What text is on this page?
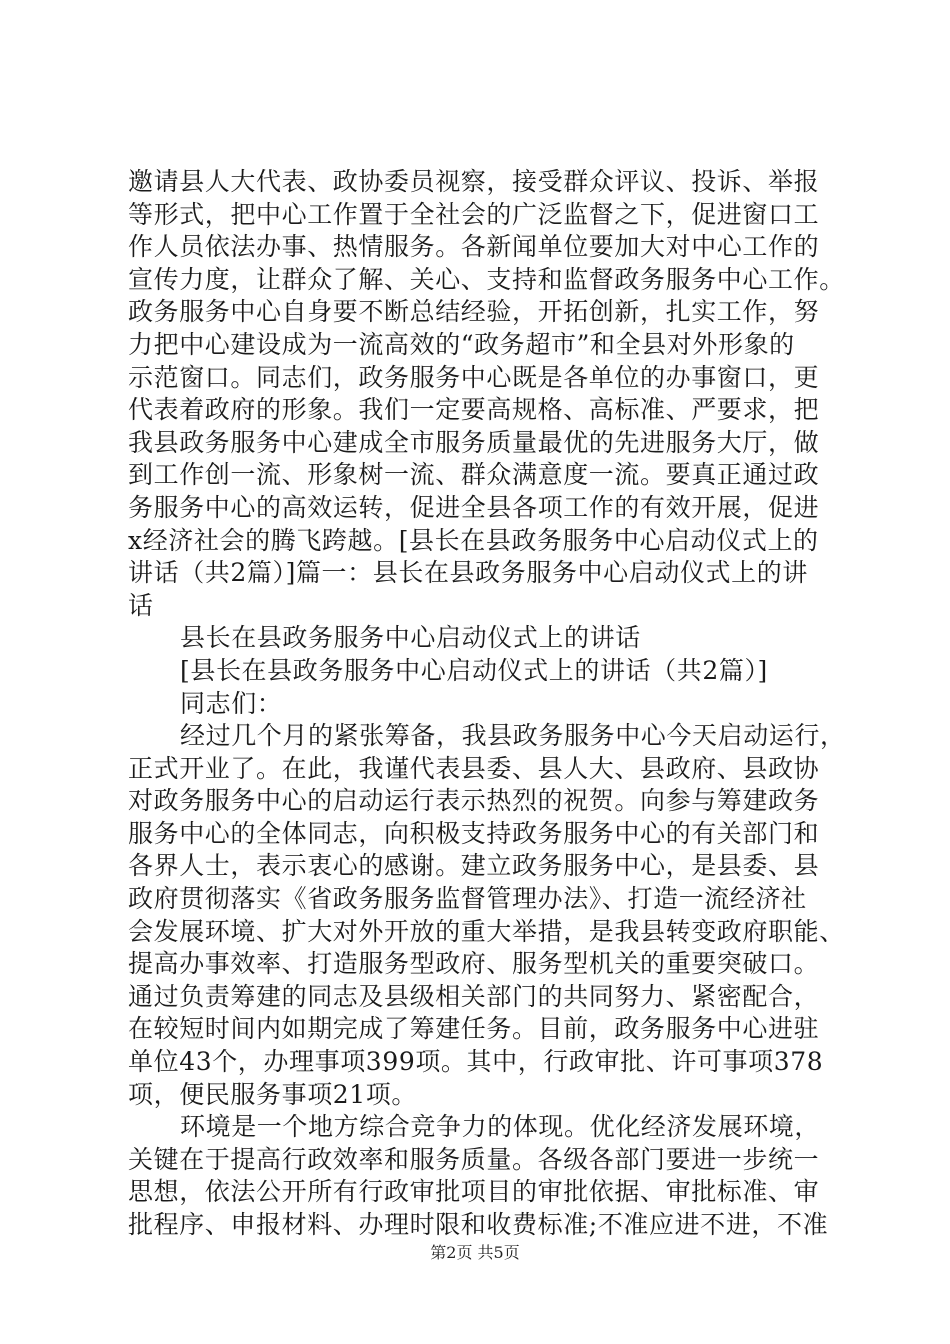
邀请县人大代表、政协委员视察，接受群众评议、投诉、举报
等形式，把中心工作置于全社会的广泛监督之下，促进窗口工
作人员依法办事、热情服务。各新闻单位要加大对中心工作的
宣传力度，让群众了解、关心、支持和监督政务服务中心工作。
政务服务中心自身要不断总结经验，开拓创新，扎实工作，努
力把中心建设成为一流高效的“政务超市”和全县对外形象的
示范窗口。同志们，政务服务中心既是各单位的办事窗口，更
代表着政府的形象。我们一定要高规格、高标准、严要求，把
我县政务服务中心建成全市服务质量最优的先进服务大厅，做
到工作创一流、形象树一流、群众满意度一流。要真正通过政
务服务中心的高效运转，促进全县各项工作的有效开展，促进
x经济社会的腾飞跨越。[县长在县政务服务中心启动仪式上的
讲话（共2篇）]篇一：县长在县政务服务中心启动仪式上的讲
话
县长在县政务服务中心启动仪式上的讲话
[县长在县政务服务中心启动仪式上的讲话（共2篇）]
同志们：
经过几个月的紧张筹备，我县政务服务中心今天启动运行，
正式开业了。在此，我谨代表县委、县人大、县政府、县政协
对政务服务中心的启动运行表示热烈的祝贺。向参与筹建政务
服务中心的全体同志，向积极支持政务服务中心的有关部门和
各界人士，表示衷心的感谢。建立政务服务中心，是县委、县
政府贯彻落实《省政务服务监督管理办法》、打造一流经济社
会发展环境、扩大对外开放的重大举措，是我县转变政府职能、
提高办事效率、打造服务型政府、服务型机关的重要突破口。
通过负责筹建的同志及县级相关部门的共同努力、紧密配合，
在较短时间内如期完成了筹建任务。目前，政务服务中心进驻
单位43个，办理事项399项。其中，行政审批、许可事项378
项，便民服务事项21项。
环境是一个地方综合竞争力的体现。优化经济发展环境，
关键在于提高行政效率和服务质量。各级各部门要进一步统一
思想，依法公开所有行政审批项目的审批依据、审批标准、审
批程序、申报材料、办理时限和收费标准;不准应进不进，不准
第2页 共5页
